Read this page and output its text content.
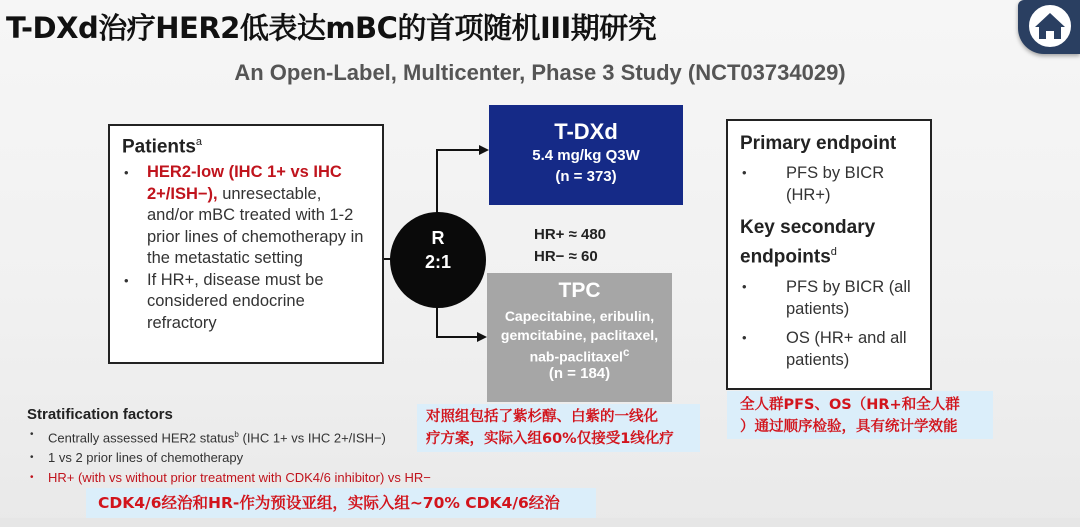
T-DXd治疗HER2低表达mBC的首项随机III期研究
An Open-Label, Multicenter, Phase 3 Study (NCT03734029)
Patients$^a$
• HER2-low (IHC 1+ vs IHC 2+/ISH−), unresectable, and/or mBC treated with 1-2 prior lines of chemotherapy in the metastatic setting
• If HR+, disease must be considered endocrine refractory
R
2:1
T-DXd
5.4 mg/kg Q3W
(n = 373)
HR+ ≈ 480
HR− ≈ 60
TPC
Capecitabine, eribulin, gemcitabine, paclitaxel, nab-paclitaxel$^c$
(n = 184)
Primary endpoint
• PFS by BICR (HR+)
Key secondary endpoints$^d$
• PFS by BICR (all patients)
• OS (HR+ and all patients)
Stratification factors
• Centrally assessed HER2 status$^b$ (IHC 1+ vs IHC 2+/ISH−)
• 1 vs 2 prior lines of chemotherapy
• HR+ (with vs without prior treatment with CDK4/6 inhibitor) vs HR−
对照组包括了紫杉醇、白紫的一线化
疗方案，实际入组60%仅接受1线化疗
全人群PFS、OS（HR+和全人群
）通过顺序检验，具有统计学效能
CDK4/6经治和HR-作为预设亚组，实际入组~70% CDK4/6经治
